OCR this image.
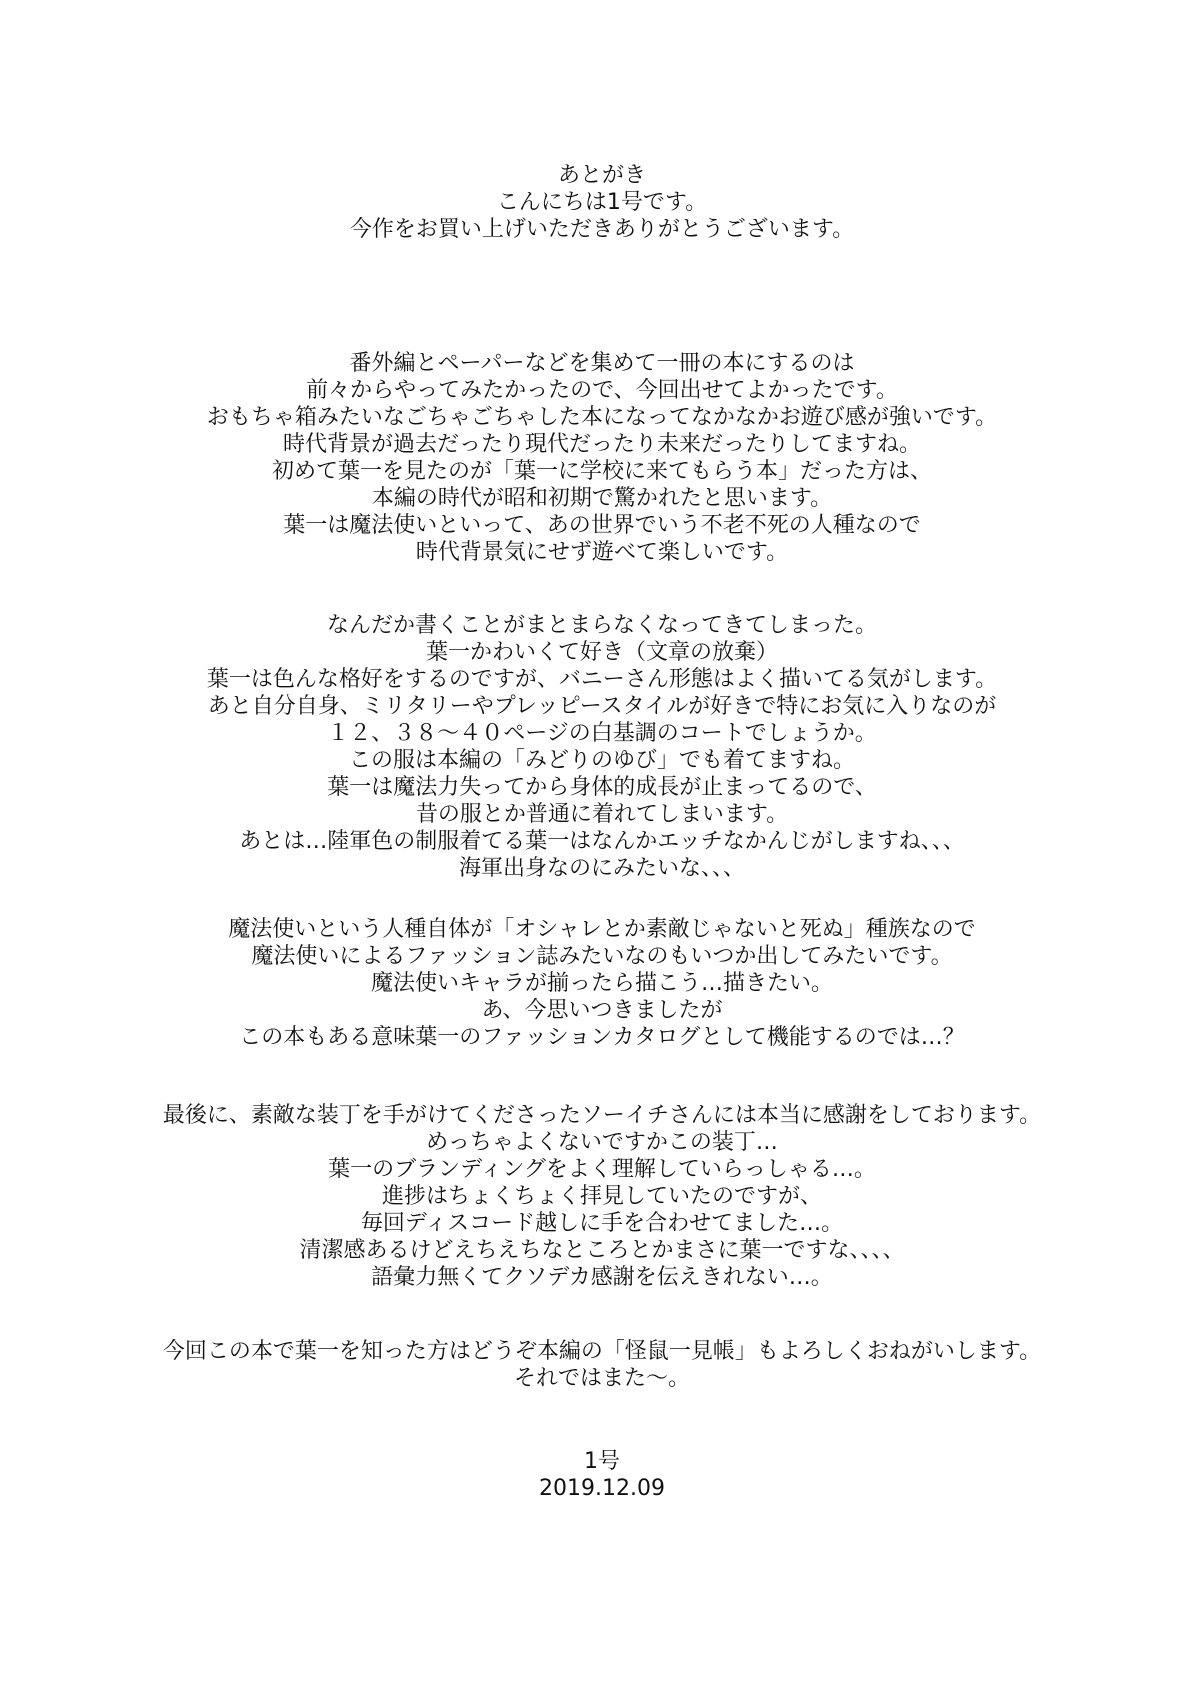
あとがき
こんにちは1号です。
今作をお買い上げいただきありがとうございます。
番外編とペーパーなどを集めて一冊の本にするのは
前々からやってみたかったので、今回出せてよかったです。
おもちゃ箱みたいなごちゃごちゃした本になってなかなかお遊び感が強いです。
時代背景が過去だったり現代だったり未来だったりしてますね。
初めて葉一を見たのが「葉一に学校に来てもらう本」だった方は、
本編の時代が昭和初期で驚かれたと思います。
葉一は魔法使いといって、あの世界でいう不老不死の人種なので
時代背景気にせず遊べて楽しいです。
なんだか書くことがまとまらなくなってきてしまった。
葉一かわいくて好き（文章の放棄）
葉一は色んな格好をするのですが、バニーさん形態はよく描いてる気がします。
あと自分自身、ミリタリーやプレッピースタイルが好きで特にお気に入りなのが
１２、３８～４０ページの白基調のコートでしょうか。
この服は本編の「みどりのゆび」でも着てますね。
葉一は魔法力失ってから身体的成長が止まってるので、
昔の服とか普通に着れてしまいます。
あとは…陸軍色の制服着てる葉一はなんかエッチなかんじがしますね、、、
海軍出身なのにみたいな、、、
魔法使いという人種自体が「オシャレとか素敵じゃないと死ぬ」種族なので
魔法使いによるファッション誌みたいなのもいつか出してみたいです。
魔法使いキャラが揃ったら描こう…描きたい。
あ、今思いつきましたが
この本もある意味葉一のファッションカタログとして機能するのでは…？
最後に、素敵な装丁を手がけてくださったソーイチさんには本当に感謝をしております。
めっちゃよくないですかこの装丁…
葉一のブランディングをよく理解していらっしゃる…。
進捗はちょくちょく拝見していたのですが、
毎回ディスコード越しに手を合わせてました…。
清潔感あるけどえちえちなところとかまさに葉一ですな、、、、
語彙力無くてクソデカ感謝を伝えきれない…。
今回この本で葉一を知った方はどうぞ本編の「怪鼠一見帳」もよろしくおねがいします。
それではまた～。
1号
2019.12.09
